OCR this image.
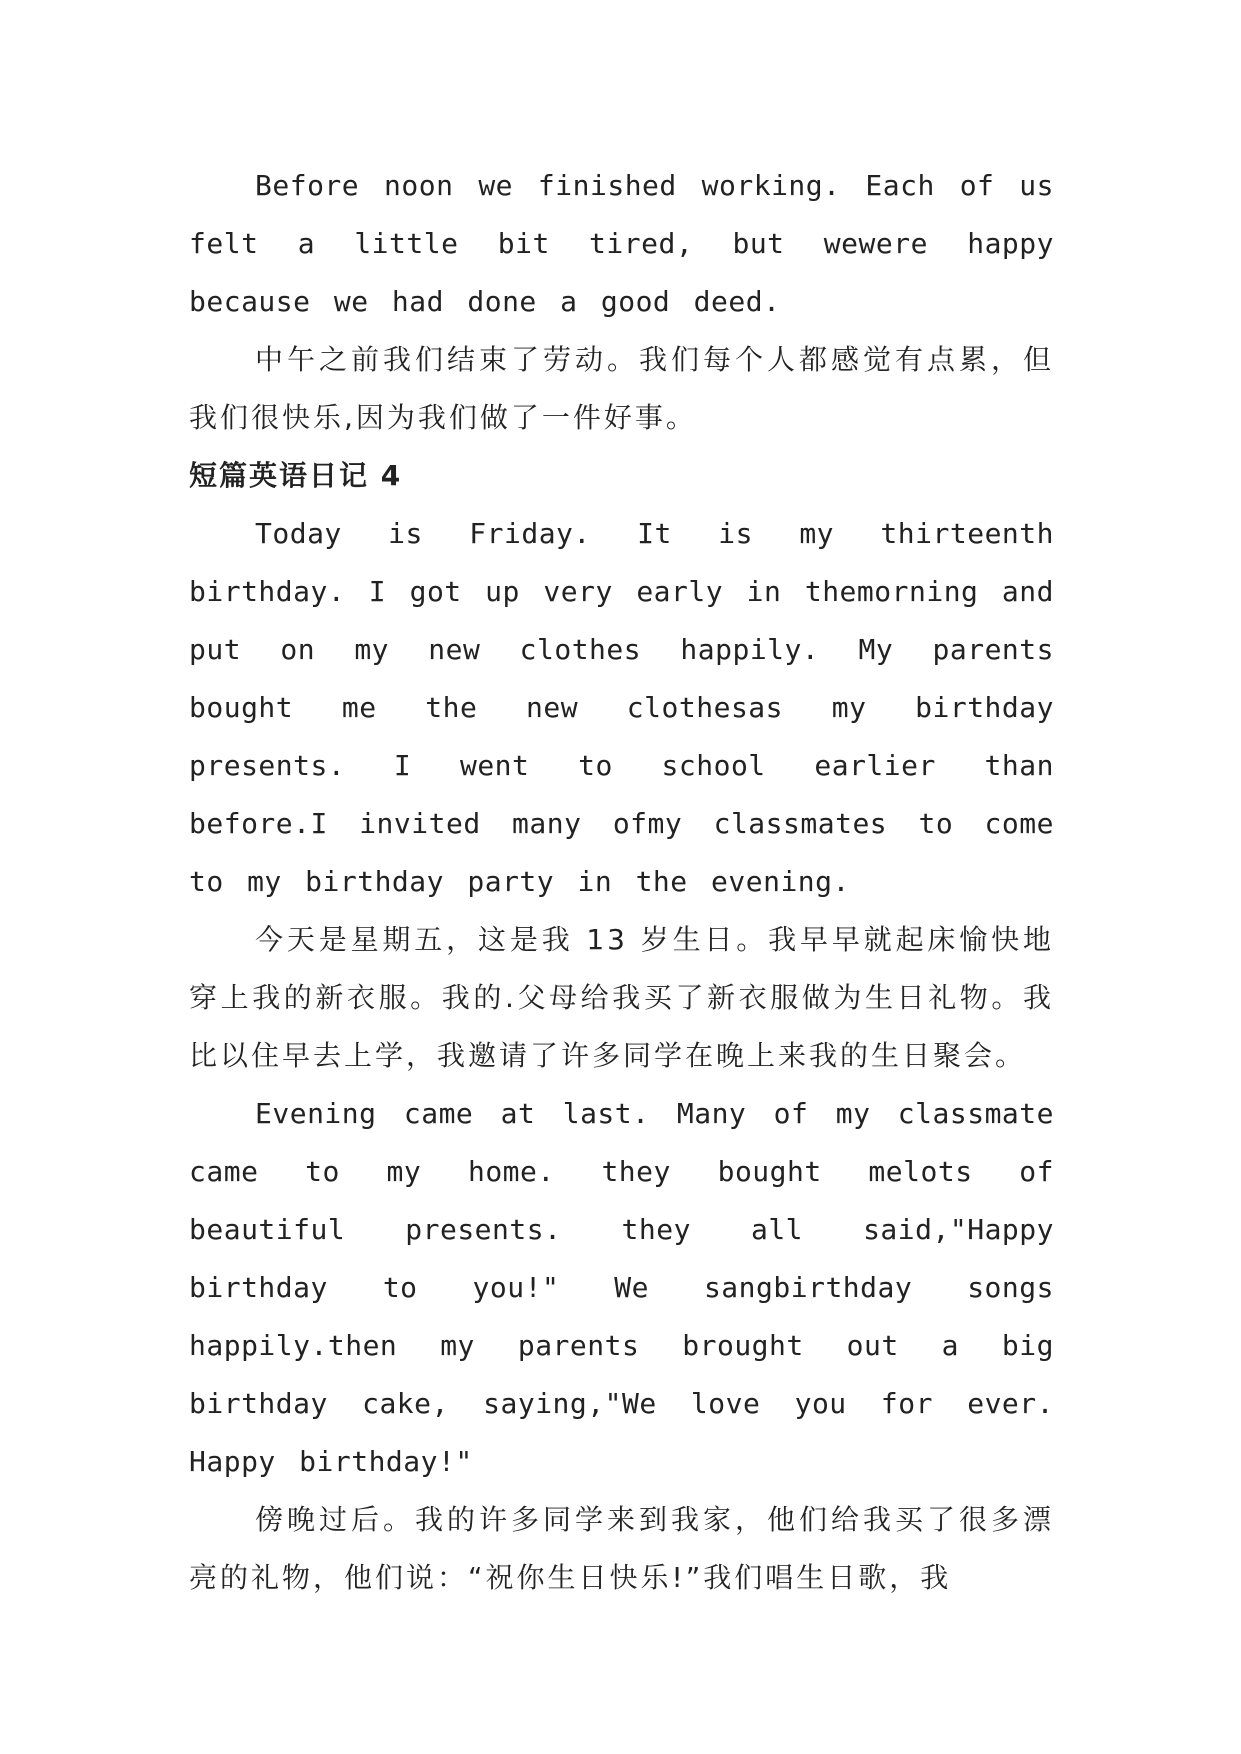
Before noon we finished working. Each of us felt a little bit tired, but wewere happy because we had done a good deed.

中午之前我们结束了劳动。我们每个人都感觉有点累，但我们很快乐,因为我们做了一件好事。

短篇英语日记 4

Today is Friday. It is my thirteenth birthday. I got up very early in themorning and put on my new clothes happily. My parents bought me the new clothesas my birthday presents. I went to school earlier than before.I invited many ofmy classmates to come to my birthday party in the evening.

今天是星期五，这是我 13 岁生日。我早早就起床愉快地穿上我的新衣服。我的.父母给我买了新衣服做为生日礼物。我比以住早去上学，我邀请了许多同学在晚上来我的生日聚会。

Evening came at last. Many of my classmate came to my home. they bought melots of beautiful presents. they all said,"Happy birthday to you!" We sangbirthday songs happily.then my parents brought out a big birthday cake, saying,"We love you for ever. Happy birthday!"

傍晚过后。我的许多同学来到我家，他们给我买了很多漂亮的礼物，他们说：“祝你生日快乐!”我们唱生日歌，我
